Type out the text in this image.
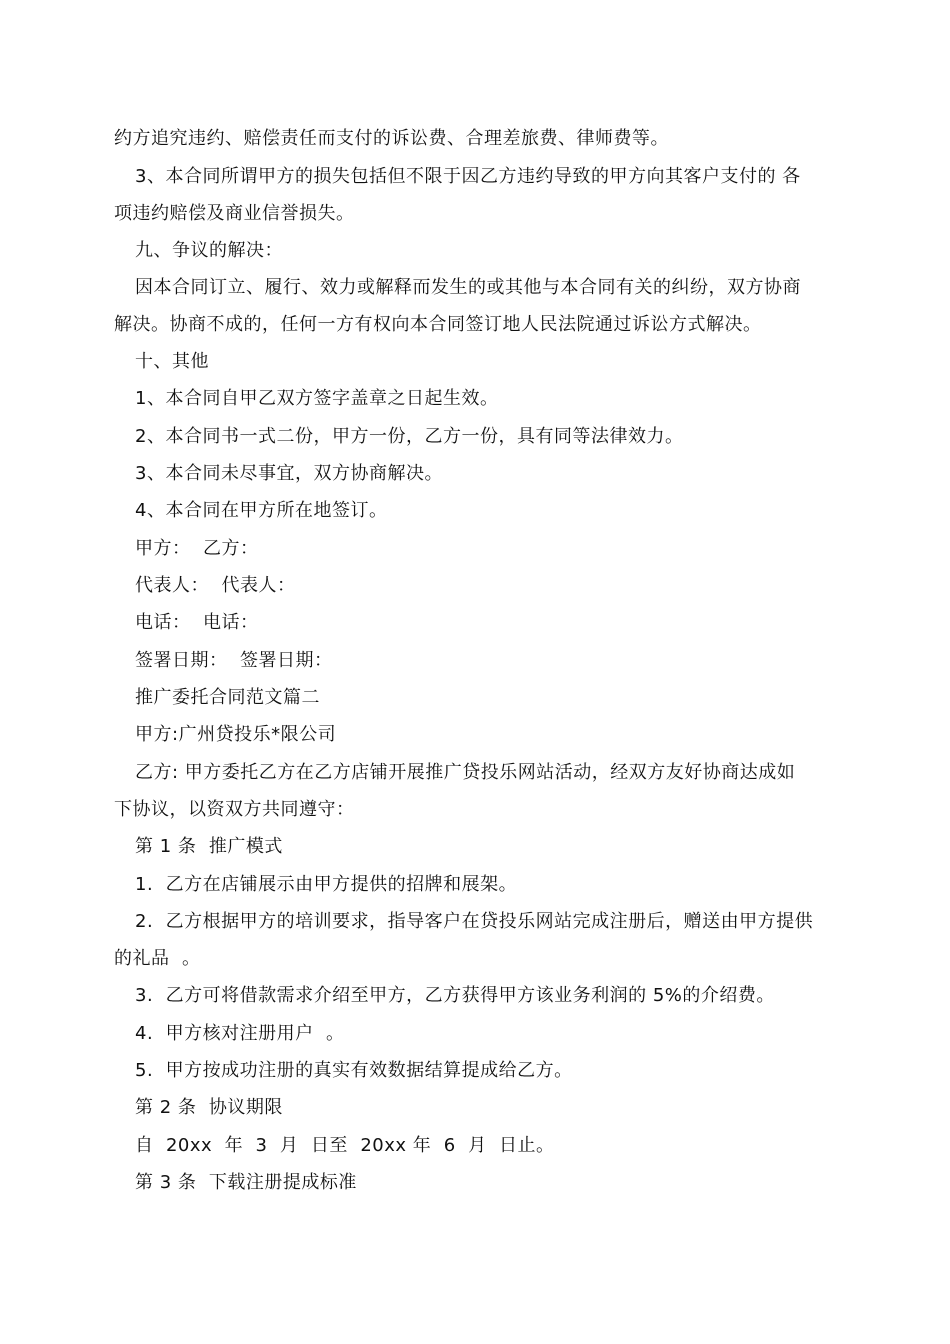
约方追究违约、赔偿责任而支付的诉讼费、合理差旅费、律师费等。
3、本合同所谓甲方的损失包括但不限于因乙方违约导致的甲方向其客户支付的 各
项违约赔偿及商业信誉损失。
九、争议的解决：
因本合同订立、履行、效力或解释而发生的或其他与本合同有关的纠纷，双方协商
解决。协商不成的，任何一方有权向本合同签订地人民法院通过诉讼方式解决。
十、其他
1、本合同自甲乙双方签字盖章之日起生效。
2、本合同书一式二份，甲方一份，乙方一份，具有同等法律效力。
3、本合同未尽事宜，双方协商解决。
4、本合同在甲方所在地签订。
甲方：  乙方：
代表人：  代表人：
电话：  电话：
签署日期：  签署日期：
推广委托合同范文篇二
甲方:广州贷投乐*限公司
乙方: 甲方委托乙方在乙方店铺开展推广贷投乐网站活动，经双方友好协商达成如
下协议，以资双方共同遵守：
第 1 条  推广模式
1.  乙方在店铺展示由甲方提供的招牌和展架。
2.  乙方根据甲方的培训要求，指导客户在贷投乐网站完成注册后，赠送由甲方提供
的礼品  。
3.  乙方可将借款需求介绍至甲方，乙方获得甲方该业务利润的 5%的介绍费。
4.  甲方核对注册用户  。
5.  甲方按成功注册的真实有效数据结算提成给乙方。
第 2 条  协议期限
自  20xx  年  3  月  日至  20xx 年  6  月  日止。
第 3 条  下载注册提成标准
